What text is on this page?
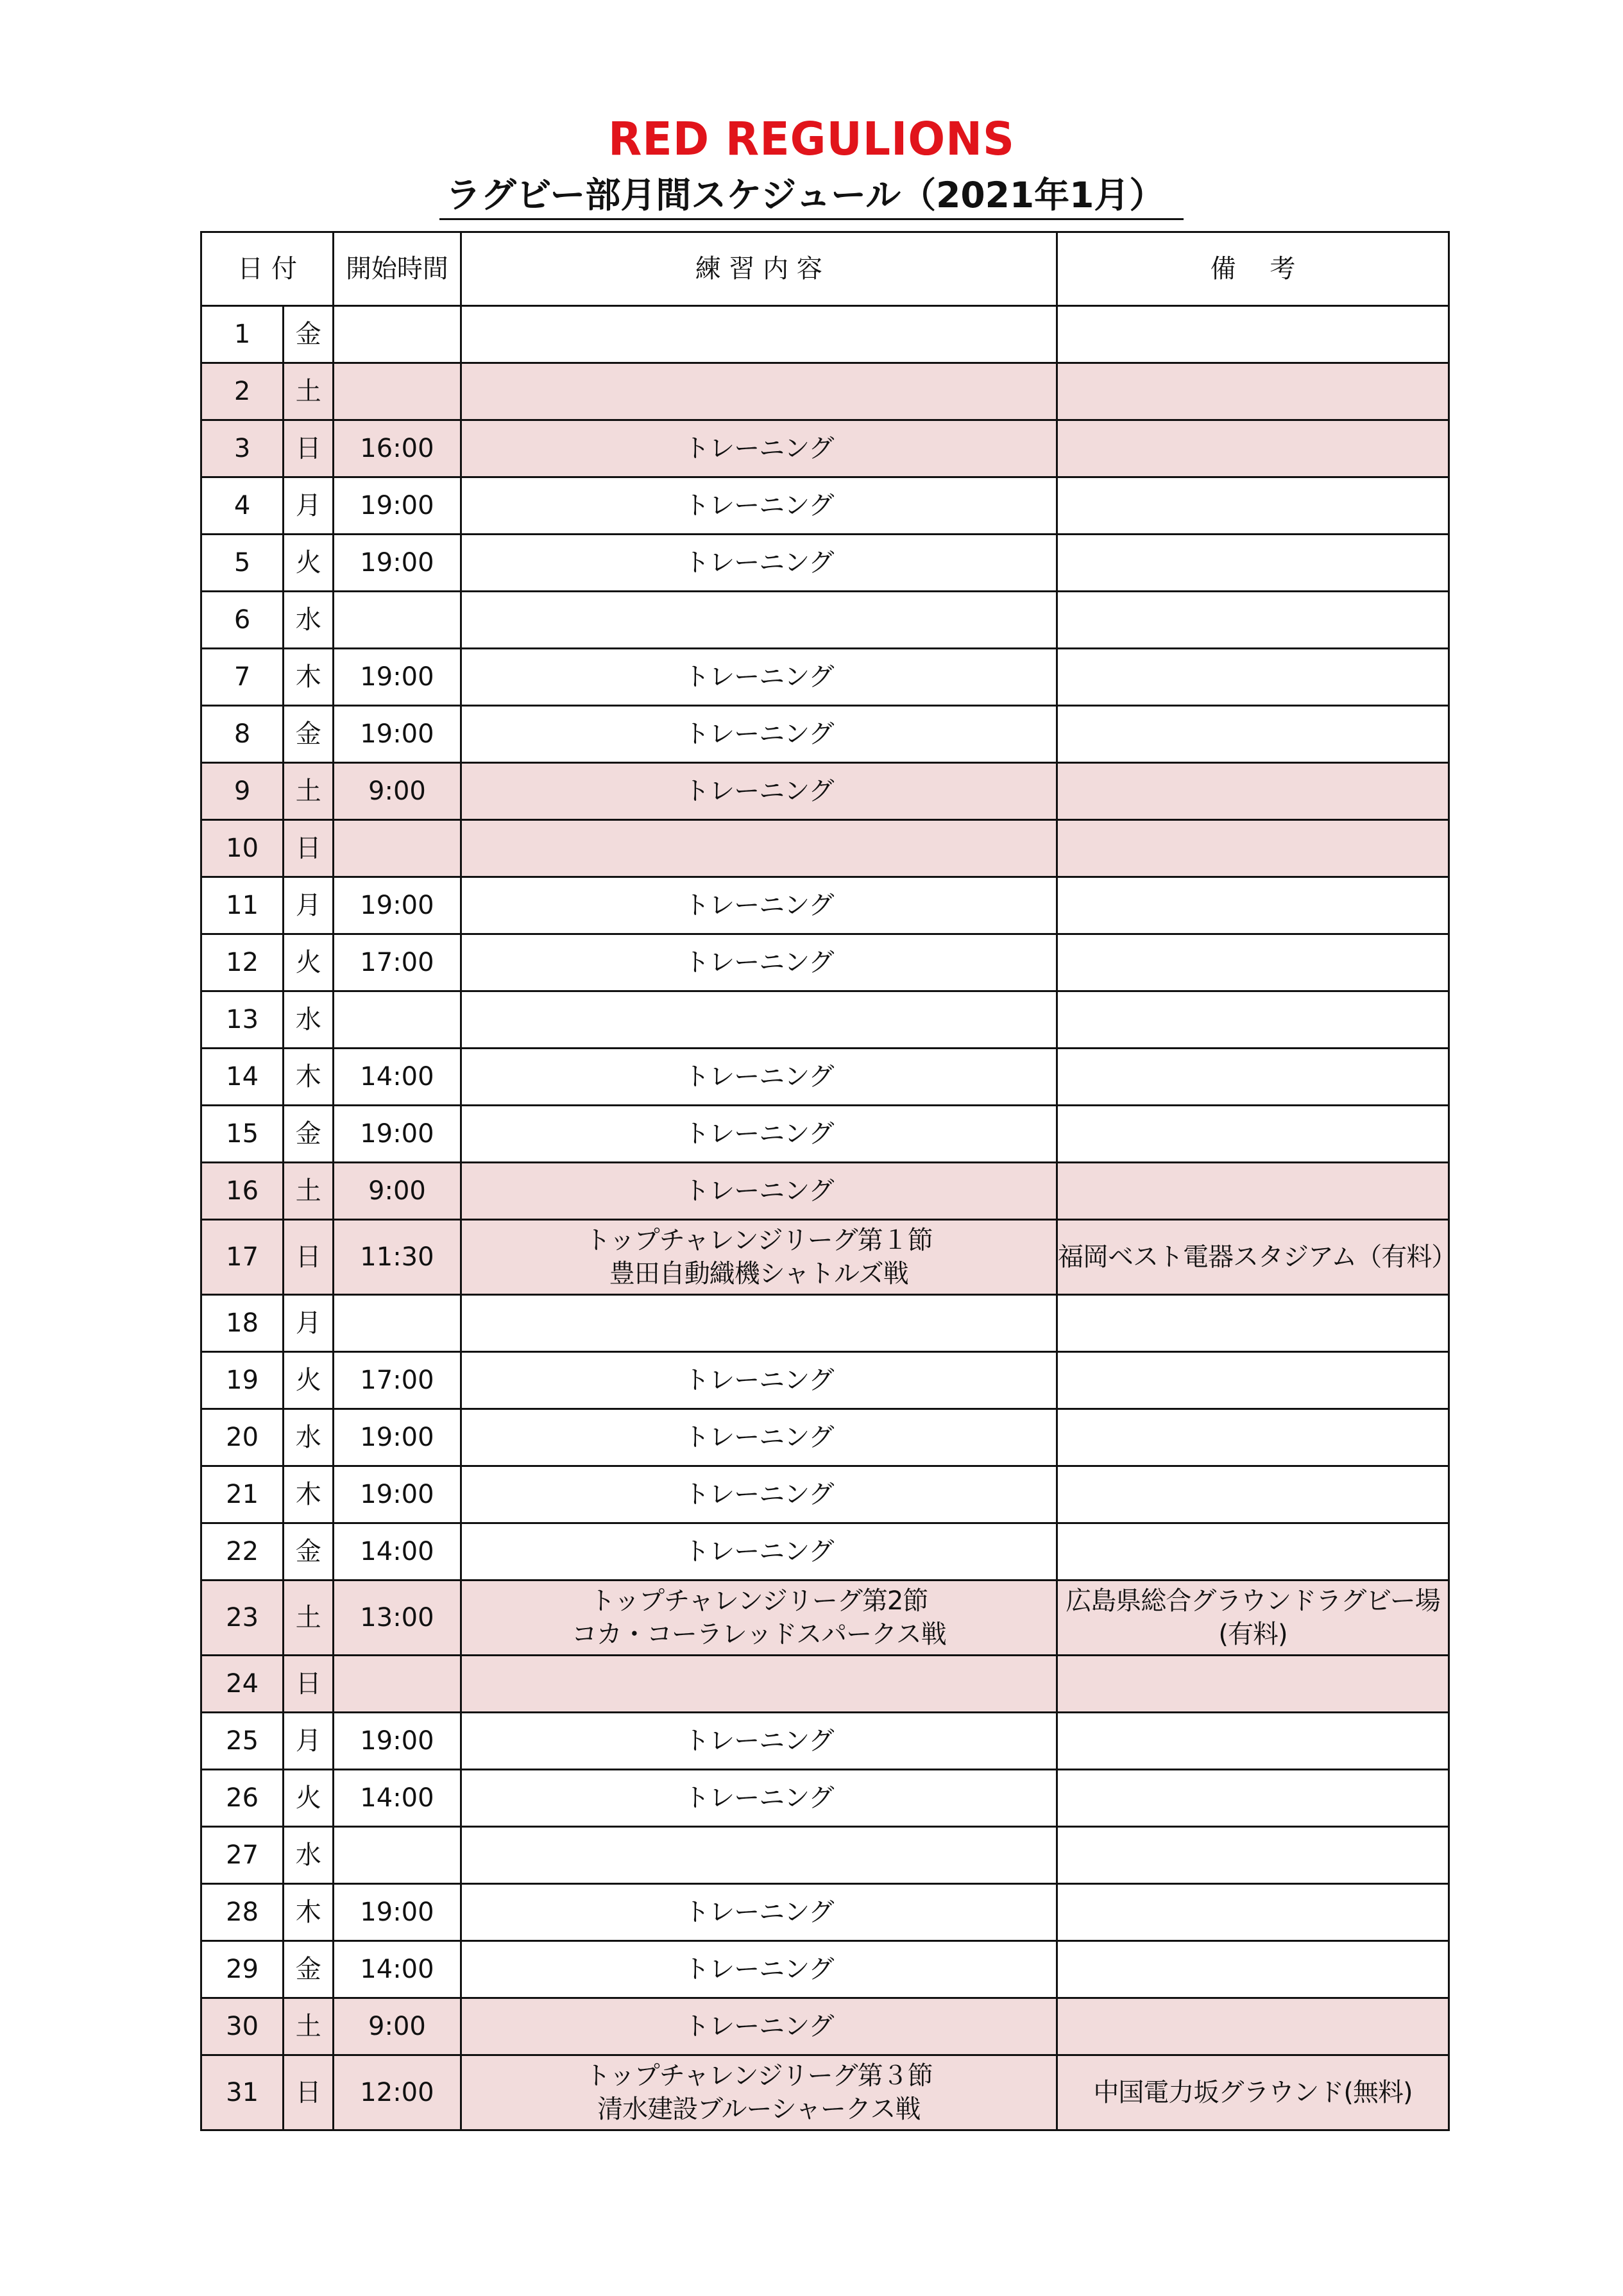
RED REGULIONS
ラグビー部月間スケジュール（2021年1月）
日 付		開始時間	練 習 内 容	備　 考
1	金		

2	土		

3	日	16:00	トレーニング	

4	月	19:00	トレーニング	

5	火	19:00	トレーニング	

6	水		

7	木	19:00	トレーニング	

8	金	19:00	トレーニング	

9	土	9:00	トレーニング	

10	日		

11	月	19:00	トレーニング	

12	火	17:00	トレーニング	

13	水		

14	木	14:00	トレーニング	

15	金	19:00	トレーニング	

16	土	9:00	トレーニング	

17	日	11:30	トップチャレンジリーグ第１節
豊田自動織機シャトルズ戦	福岡ベスト電器スタジアム（有料）
18	月		

19	火	17:00	トレーニング	

20	水	19:00	トレーニング	

21	木	19:00	トレーニング	

22	金	14:00	トレーニング	

23	土	13:00	トップチャレンジリーグ第2節
コカ・コーラレッドスパークス戦	広島県総合グラウンドラグビー場(有料)
24	日		

25	月	19:00	トレーニング	

26	火	14:00	トレーニング	

27	水		

28	木	19:00	トレーニング	

29	金	14:00	トレーニング	

30	土	9:00	トレーニング	

31	日	12:00	トップチャレンジリーグ第３節
清水建設ブルーシャークス戦	中国電力坂グラウンド(無料)
